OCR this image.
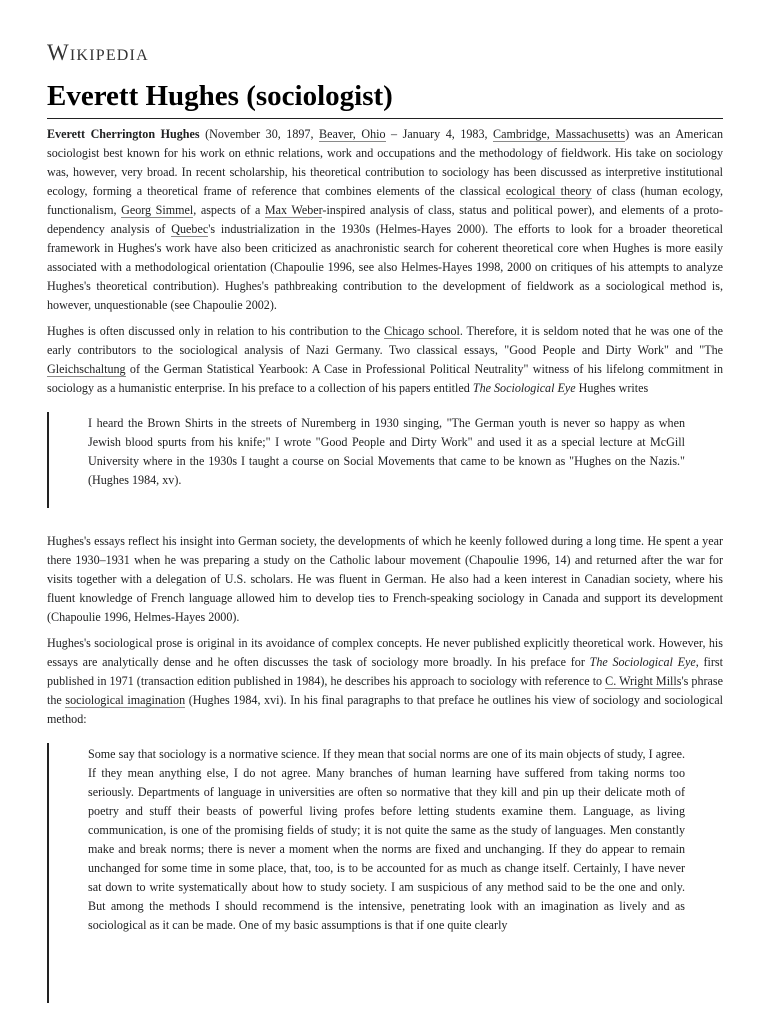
Wikipedia
Everett Hughes (sociologist)

Everett Cherrington Hughes (November 30, 1897, Beaver, Ohio – January 4, 1983, Cambridge, Massachusetts) was an American sociologist best known for his work on ethnic relations, work and occupations and the methodology of fieldwork. His take on sociology was, however, very broad. In recent scholarship, his theoretical contribution to sociology has been discussed as interpretive institutional ecology, forming a theoretical frame of reference that combines elements of the classical ecological theory of class (human ecology, functionalism, Georg Simmel, aspects of a Max Weber-inspired analysis of class, status and political power), and elements of a proto-dependency analysis of Quebec's industrialization in the 1930s (Helmes-Hayes 2000). The efforts to look for a broader theoretical framework in Hughes's work have also been criticized as anachronistic search for coherent theoretical core when Hughes is more easily associated with a methodological orientation (Chapoulie 1996, see also Helmes-Hayes 1998, 2000 on critiques of his attempts to analyze Hughes's theoretical contribution). Hughes's pathbreaking contribution to the development of fieldwork as a sociological method is, however, unquestionable (see Chapoulie 2002).

Hughes is often discussed only in relation to his contribution to the Chicago school. Therefore, it is seldom noted that he was one of the early contributors to the sociological analysis of Nazi Germany. Two classical essays, "Good People and Dirty Work" and "The Gleichschaltung of the German Statistical Yearbook: A Case in Professional Political Neutrality" witness of his lifelong commitment in sociology as a humanistic enterprise. In his preface to a collection of his papers entitled The Sociological Eye Hughes writes

I heard the Brown Shirts in the streets of Nuremberg in 1930 singing, "The German youth is never so happy as when Jewish blood spurts from his knife;" I wrote "Good People and Dirty Work" and used it as a special lecture at McGill University where in the 1930s I taught a course on Social Movements that came to be known as "Hughes on the Nazis." (Hughes 1984, xv).

Hughes's essays reflect his insight into German society, the developments of which he keenly followed during a long time. He spent a year there 1930–1931 when he was preparing a study on the Catholic labour movement (Chapoulie 1996, 14) and returned after the war for visits together with a delegation of U.S. scholars. He was fluent in German. He also had a keen interest in Canadian society, where his fluent knowledge of French language allowed him to develop ties to French-speaking sociology in Canada and support its development (Chapoulie 1996, Helmes-Hayes 2000).

Hughes's sociological prose is original in its avoidance of complex concepts. He never published explicitly theoretical work. However, his essays are analytically dense and he often discusses the task of sociology more broadly. In his preface for The Sociological Eye, first published in 1971 (transaction edition published in 1984), he describes his approach to sociology with reference to C. Wright Mills's phrase the sociological imagination (Hughes 1984, xvi). In his final paragraphs to that preface he outlines his view of sociology and sociological method:

Some say that sociology is a normative science. If they mean that social norms are one of its main objects of study, I agree. If they mean anything else, I do not agree. Many branches of human learning have suffered from taking norms too seriously. Departments of language in universities are often so normative that they kill and pin up their delicate moth of poetry and stuff their beasts of powerful living profes before letting students examine them. Language, as living communication, is one of the promising fields of study; it is not quite the same as the study of languages. Men constantly make and break norms; there is never a moment when the norms are fixed and unchanging. If they do appear to remain unchanged for some time in some place, that, too, is to be accounted for as much as change itself. Certainly, I have never sat down to write systematically about how to study society. I am suspicious of any method said to be the one and only. But among the methods I should recommend is the intensive, penetrating look with an imagination as lively and as sociological as it can be made. One of my basic assumptions is that if one quite clearly
